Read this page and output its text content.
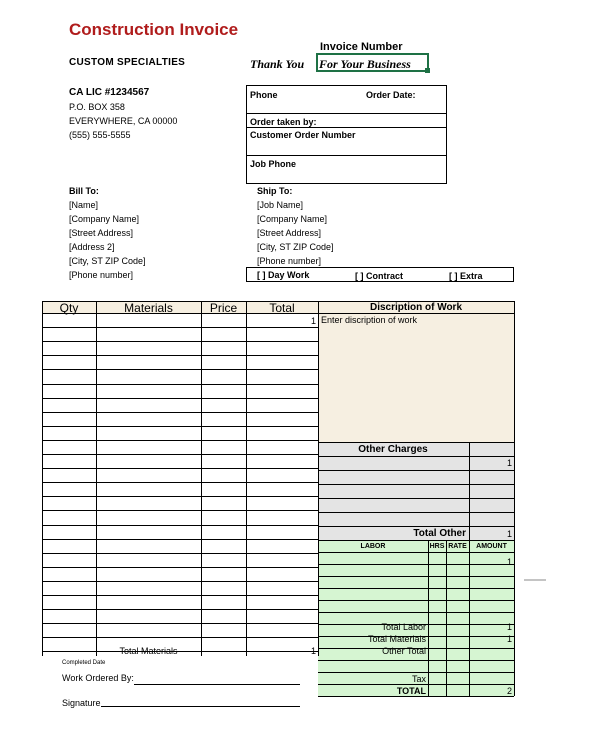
Construction Invoice
CUSTOM SPECIALTIES
Invoice Number
Thank You For Your Business
CA LIC #1234567
P.O. BOX 358
EVERYWHERE, CA 00000
(555) 555-5555
Phone	Order Date:
Order taken by:
Customer Order Number
Job Phone
Bill To:
[Name]
[Company Name]
[Street Address]
[Address 2]
[City, ST ZIP Code]
[Phone number]
Ship To:
[Job Name]
[Company Name]
[Street Address]
[City, ST ZIP Code]
[Phone number]
[ ] Day Work	[ ] Contract	[ ] Extra
Qty	Materials	Price	Total	Discription of Work
1 Enter discription of work
Other Charges
1
Total Other	1
LABOR	HRS RATE	AMOUNT
1
Total Labor	1
Total Materials	1
Other Total
Tax
TOTAL	2
Total Materials	1
Completed Date
Work Ordered By:
Signature
